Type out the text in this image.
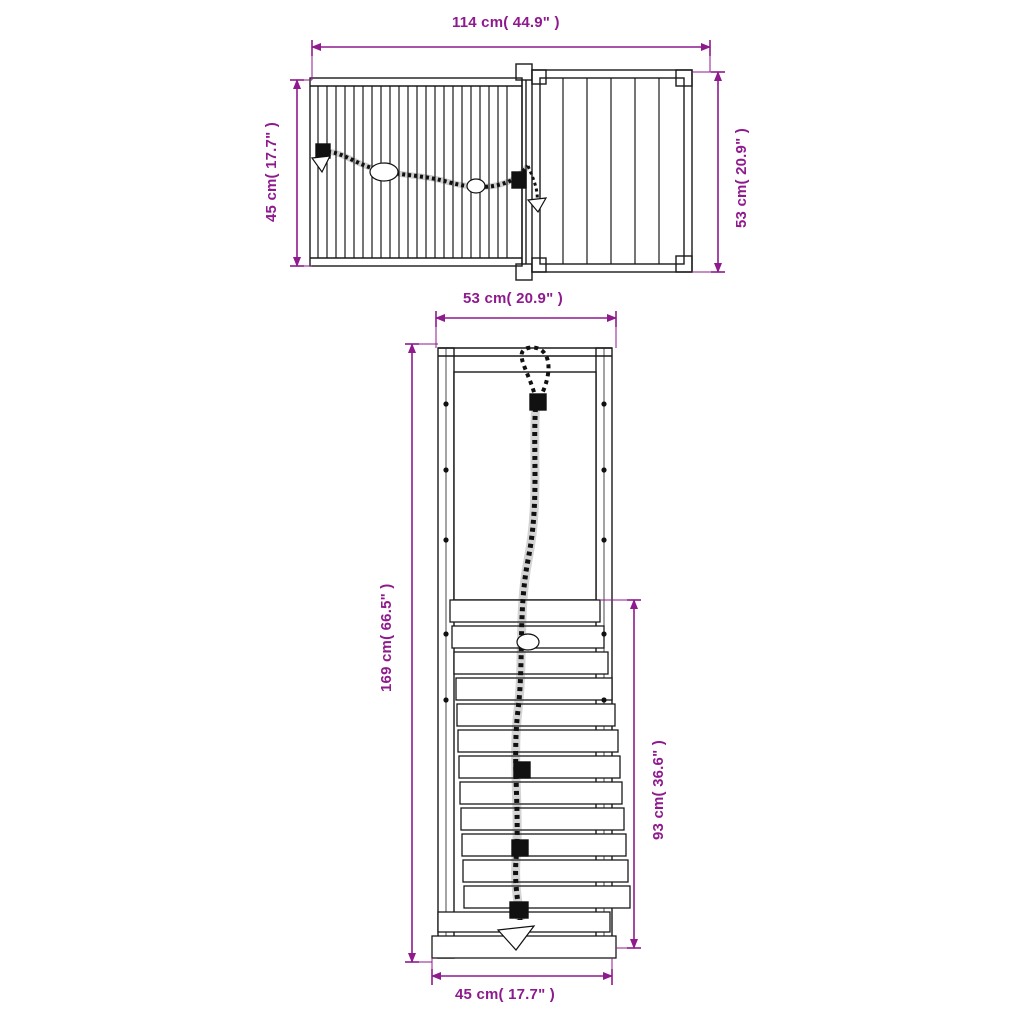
114 cm( 44.9" )
45 cm( 17.7" )	53 cm( 20.9" )
53 cm( 20.9" )
169 cm( 66.5" )
93 cm( 36.6" )
45 cm( 17.7" )
